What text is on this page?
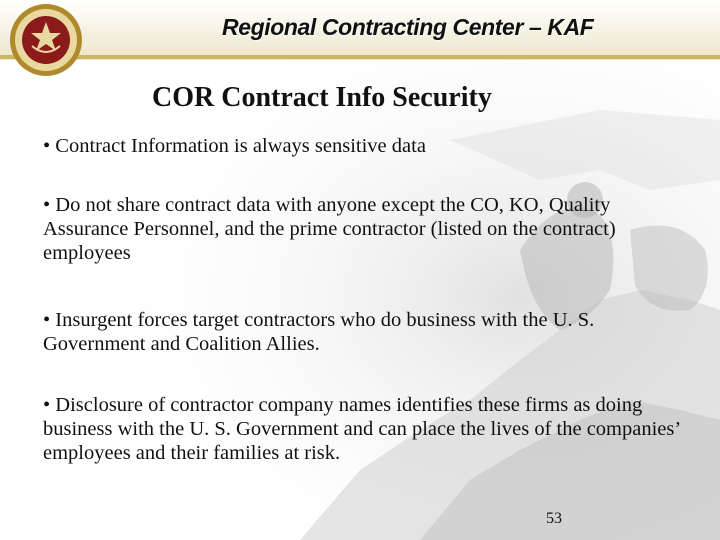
Regional Contracting Center – KAF
COR Contract Info Security
• Contract Information is always sensitive data
• Do not share contract data with anyone except the CO, KO, Quality Assurance Personnel, and the prime contractor (listed on the contract) employees
• Insurgent forces target contractors who do business with the U. S. Government and Coalition Allies.
• Disclosure of contractor company names identifies these firms as doing business with the U. S. Government and can place the lives of the companies’ employees and their families at risk.
53
